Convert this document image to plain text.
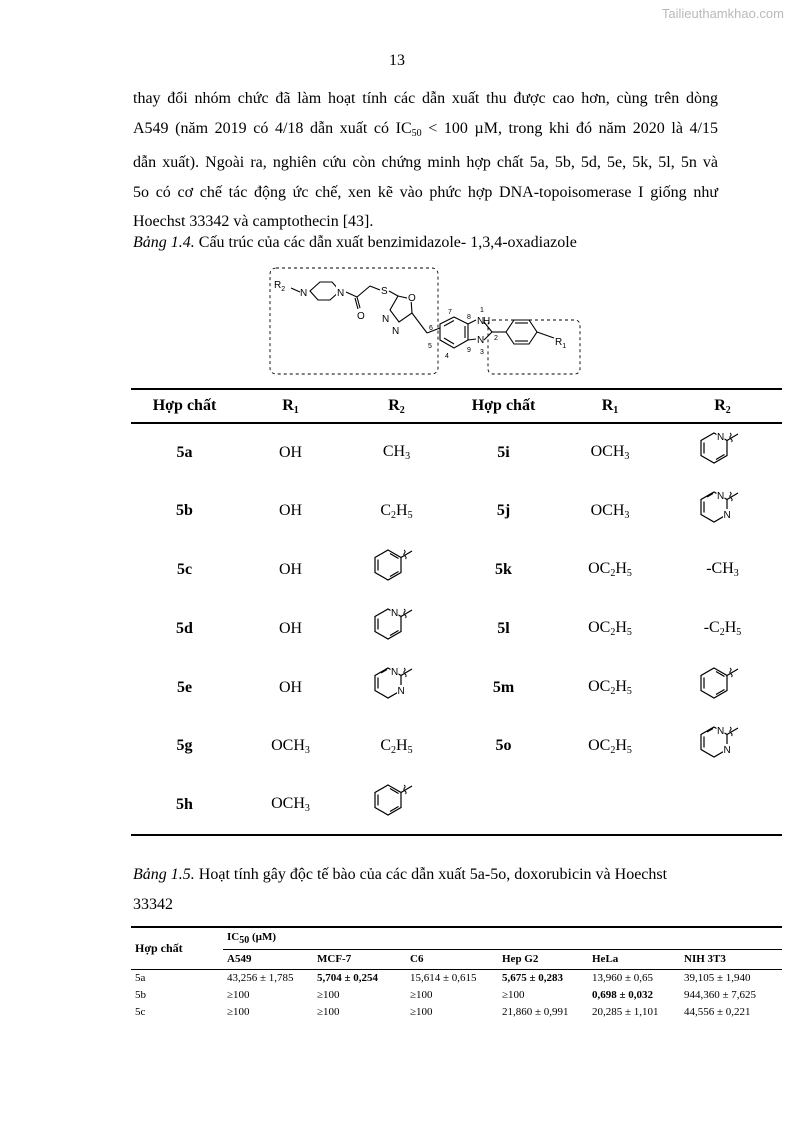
Tailieuthamkhao.com
13
thay đổi nhóm chức đã làm hoạt tính các dẫn xuất thu được cao hơn, cùng trên dòng
A549 (năm 2019 có 4/18 dẫn xuất có $IC_{50} < 100$ µM, trong khi đó năm 2020 là 4/15
dẫn xuất). Ngoài ra, nghiên cứu còn chứng minh hợp chất 5a, 5b, 5d, 5e, 5k, 5l, 5n và
5o có cơ chế tác động ức chế, xen kẽ vào phức hợp DNA-topoisomerase I giống như
Hoechst 33342 và camptothecin [43].
Bảng 1.4. Cấu trúc của các dẫn xuất benzimidazole- 1,3,4-oxadiazole
$R_2$ N	N
O
S
O
N
N
N
H
N	$R_1$
1
2
3
4
5
6
7
8
9
Hợp chất	$R_1$	$R_2$	Hợp chất	$R_1$	$R_2$
5a	OH	$CH_3$	5i	$OCH_3$	
5b	OH	$C_2H_5$	5j	$OCH_3$	
5c	OH		5k	$OC_2H_5$	$-CH_3$
5d	OH		5l	$OC_2H_5$	$-C_2H_5$
5e	OH		5m	$OC_2H_5$	
5g	$OCH_3$	$C_2H_5$	5o	$OC_2H_5$	
5h	$OCH_3$				
Bảng 1.5. Hoạt tính gây độc tế bào của các dẫn xuất 5a-5o, doxorubicin và Hoechst
33342
Hợp chất	$IC_{50}$ (µM)					
	A549	MCF-7	C6	Hep G2	HeLa	NIH 3T3
5a	43,256 ± 1,785	5,704 ± 0,254	15,614 ± 0,615	5,675 ± 0,283	13,960 ± 0,65	39,105 ± 1,940
5b	≥100	≥100	≥100	≥100	0,698 ± 0,032	944,360 ± 7,625
5c	≥100	≥100	≥100	21,860 ± 0,991	20,285 ± 1,101	44,556 ± 0,221
